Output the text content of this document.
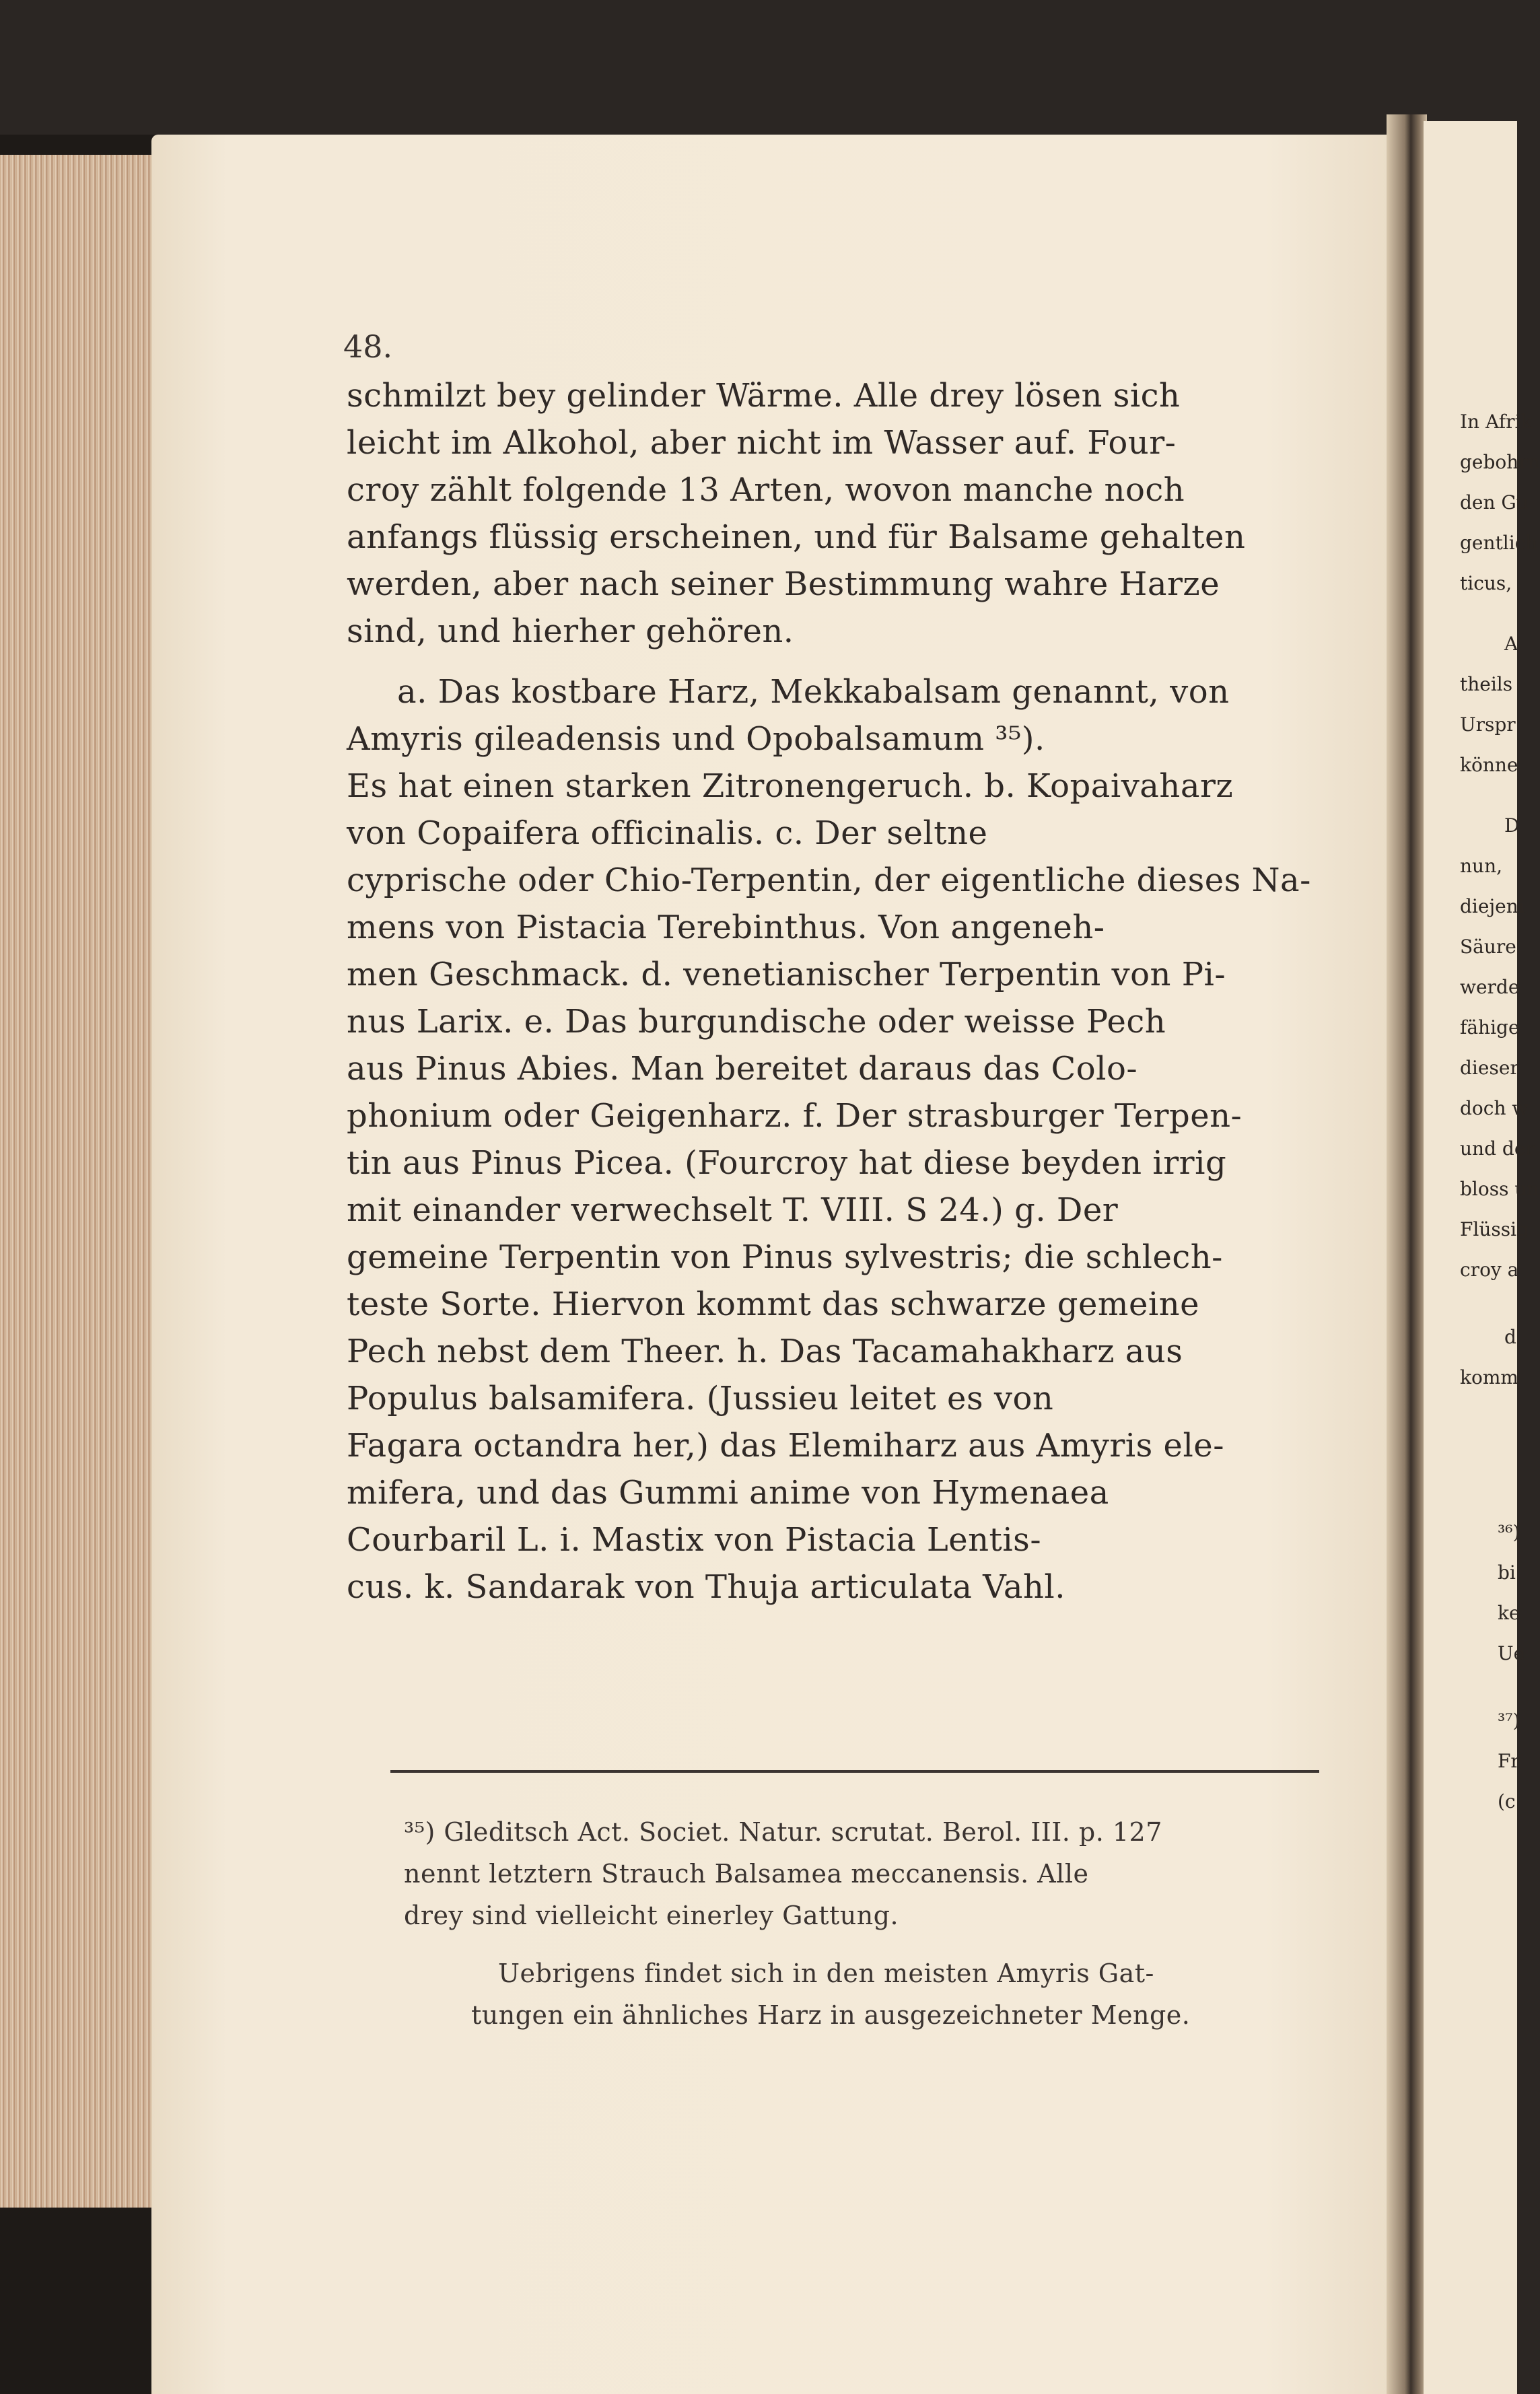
48.
schmilzt bey gelinder Wärme. Alle drey lösen sich
leicht im Alkohol, aber nicht im Wasser auf. Four-
croy zählt folgende 13 Arten, wovon manche noch
anfangs flüssig erscheinen, und für Balsame gehalten
werden, aber nach seiner Bestimmung wahre Harze
sind, und hierher gehören.
a. Das kostbare Harz, Mekkabalsam genannt, von
Amyris gileadensis und Opobalsamum ³⁵).
Es hat einen starken Zitronengeruch. b. Kopaivaharz
von Copaifera officinalis. c. Der seltne
cyprische oder Chio-Terpentin, der eigentliche dieses Na-
mens von Pistacia Terebinthus. Von angeneh-
men Geschmack. d. venetianischer Terpentin von Pi-
nus Larix. e. Das burgundische oder weisse Pech
aus Pinus Abies. Man bereitet daraus das Colo-
phonium oder Geigenharz. f. Der strasburger Terpen-
tin aus Pinus Picea. (Fourcroy hat diese beyden irrig
mit einander verwechselt T. VIII. S 24.) g. Der
gemeine Terpentin von Pinus sylvestris; die schlech-
teste Sorte. Hiervon kommt das schwarze gemeine
Pech nebst dem Theer. h. Das Tacamahakharz aus
Populus balsamifera. (Jussieu leitet es von
Fagara octandra her,) das Elemiharz aus Amyris ele-
mifera, und das Gummi anime von Hymenaea
Courbaril L. i. Mastix von Pistacia Lentis-
cus. k. Sandarak von Thuja articulata Vahl.
³⁵) Gleditsch Act. Societ. Natur. scrutat. Berol. III. p. 127
nennt letztern Strauch Balsamea meccanensis. Alle
drey sind vielleicht einerley Gattung.
Uebrigens findet sich in den meisten Amyris Gat-
tungen ein ähnliches Harz in ausgezeichneter Menge.
In Afrik
gebohrn
den Gu
gentlich
ticus,
A
theils
Urspr
könne
D
nun,
diejeni
Säure,
werde
fähige
dieser
doch w
und der
bloss un
Flüssig
croy a
d
komm
³⁶)
bi
ke
Ue
³⁷)
Fr
(c
